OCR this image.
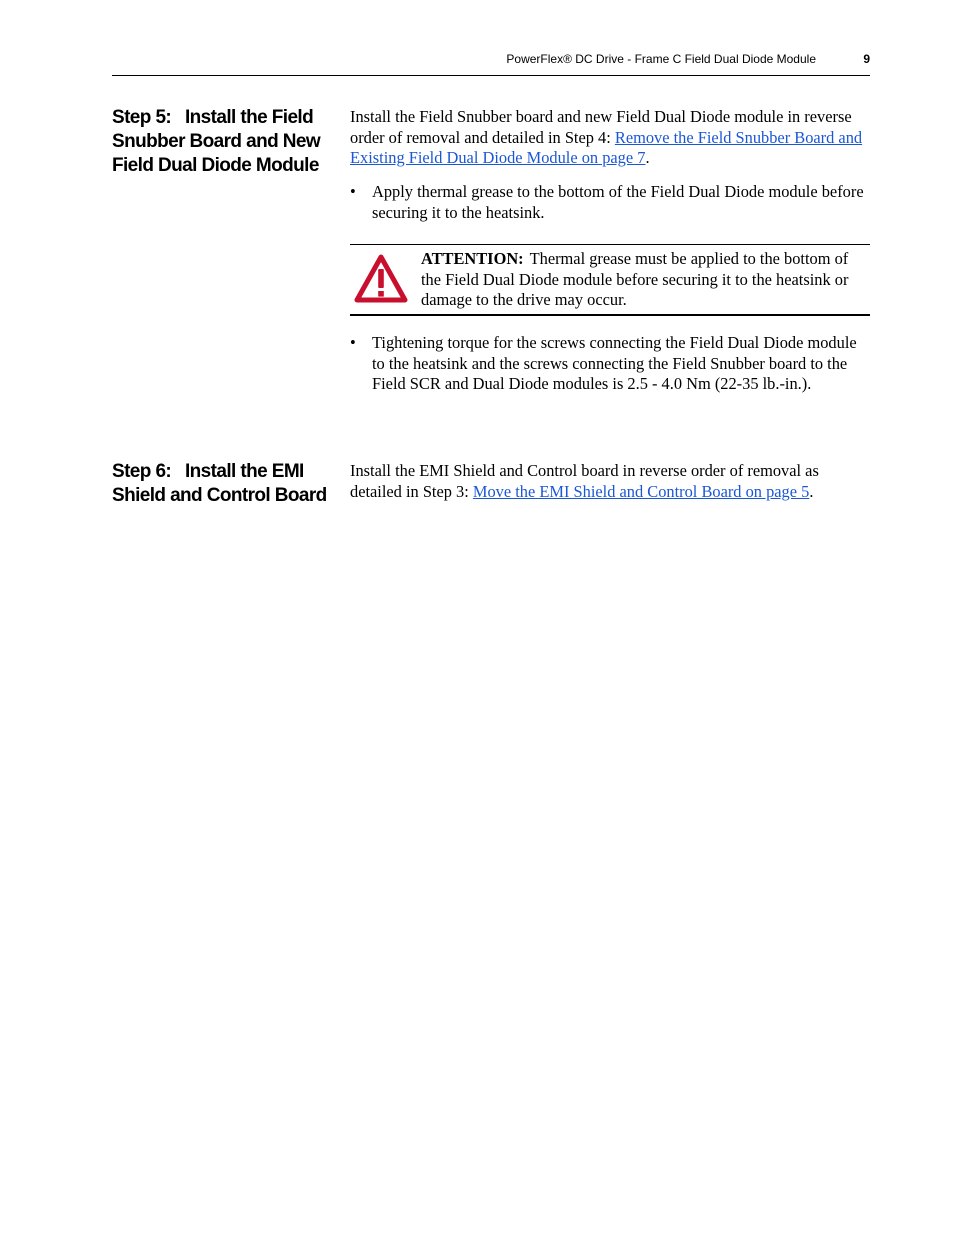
PowerFlex® DC Drive - Frame C Field Dual Diode Module	9
Step 5: Install the Field
Snubber Board and New
Field Dual Diode Module

Install the Field Snubber board and new Field Dual Diode module in reverse order of removal and detailed in Step 4: Remove the Field Snubber Board and Existing Field Dual Diode Module on page 7.

• Apply thermal grease to the bottom of the Field Dual Diode module before securing it to the heatsink.
ATTENTION: Thermal grease must be applied to the bottom of the Field Dual Diode module before securing it to the heatsink or damage to the drive may occur.
• Tightening torque for the screws connecting the Field Dual Diode module to the heatsink and the screws connecting the Field Snubber board to the Field SCR and Dual Diode modules is 2.5 - 4.0 Nm (22-35 lb.-in.).
Step 6: Install the EMI
Shield and Control Board

Install the EMI Shield and Control board in reverse order of removal as detailed in Step 3: Move the EMI Shield and Control Board on page 5.
